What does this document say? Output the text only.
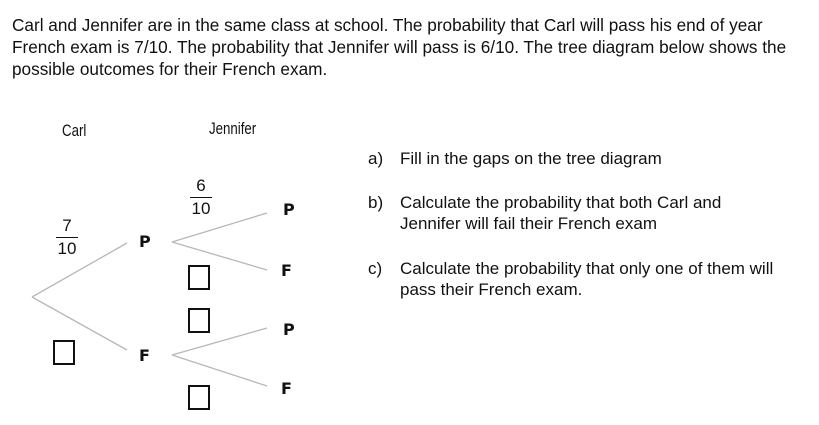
Carl and Jennifer are in the same class at school. The probability that Carl will pass his end of year French exam is 7/10. The probability that Jennifer will pass is 6/10. The tree diagram below shows the possible outcomes for their French exam.

Carl	Jennifer
7
10
6
10
P
F
P
F
P
F
a) Fill in the gaps on the tree diagram
b) Calculate the probability that both Carl and Jennifer will fail their French exam
c) Calculate the probability that only one of them will pass their French exam.
